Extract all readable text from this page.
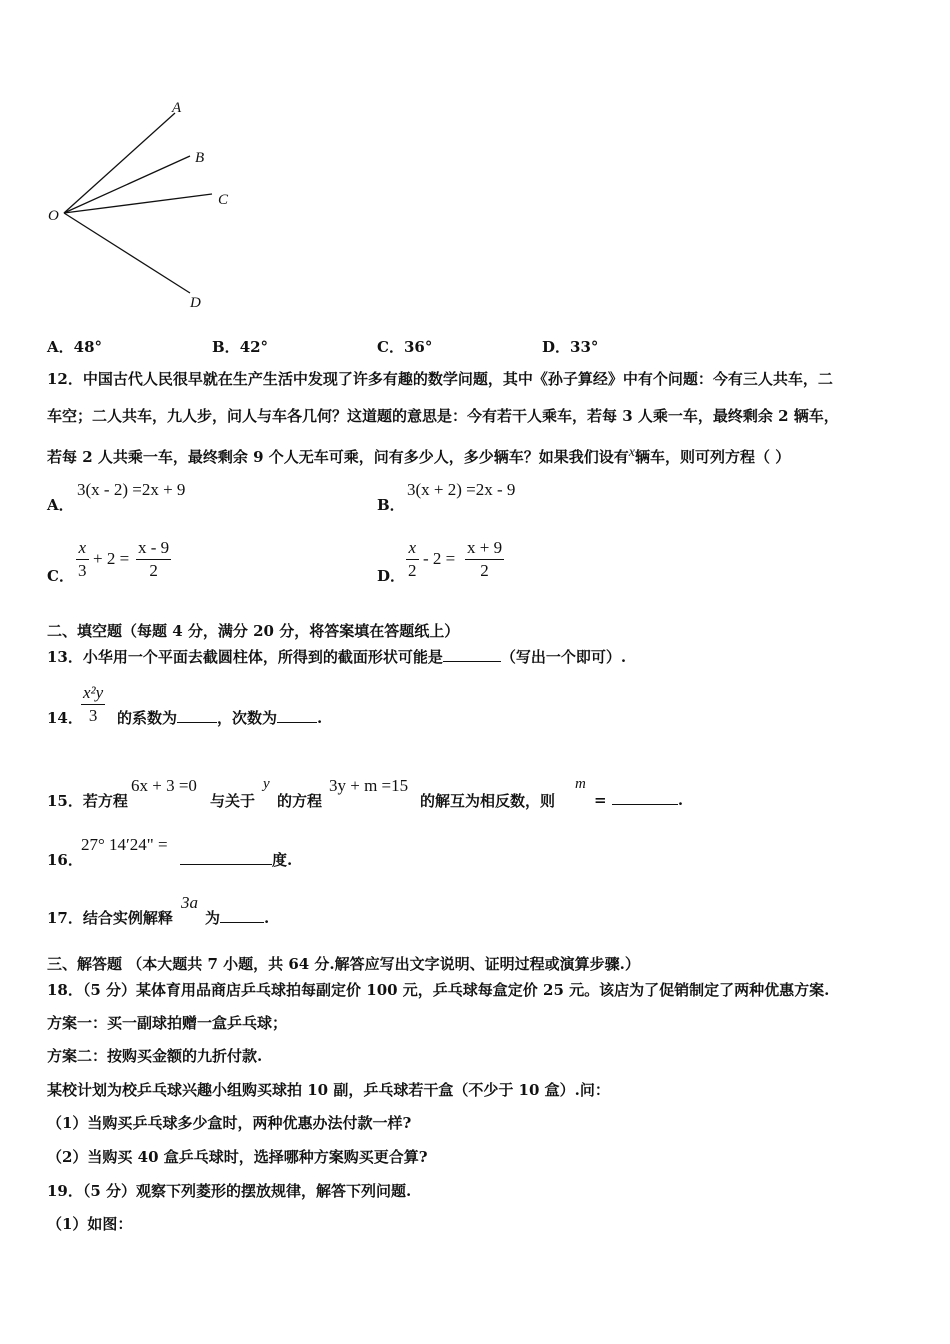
A
B
C
O
D
A．48°	B．42°	C．36°	D．33°
12．中国古代人民很早就在生产生活中发现了许多有趣的数学问题，其中《孙子算经》中有个问题：今有三人共车，二
车空；二人共车，九人步，问人与车各几何？这道题的意思是：今有若干人乘车，若每 3 人乘一车，最终剩余 2 辆车，
若每 2 人共乘一车，最终剩余 9 个人无车可乘，问有多少人，多少辆车？如果我们设有x辆车，则可列方程（ ）
A．
3(x - 2) =2x + 9
B．
3(x + 2) =2x - 9
C．
x
3
+ 2 =
x - 9
2	D．
x
2
- 2 =
x + 9
2
二、填空题（每题 4 分，满分 20 分，将答案填在答题纸上）
13．小华用一个平面去截圆柱体，所得到的截面形状可能是	（写出一个即可）.
14．
x²y
3	的系数为	，次数为	.
15．若方程
6x + 3 =0
与关于
y
的方程
3y + m =15
的解互为相反数，则
m
=	.
16．
27° 14′24" =
度.
17．结合实例解释
3a
为	.
三、解答题 （本大题共 7 小题，共 64 分.解答应写出文字说明、证明过程或演算步骤.）
18．（5 分）某体育用品商店乒乓球拍每副定价 100 元，乒乓球每盒定价 25 元。该店为了促销制定了两种优惠方案.
方案一：买一副球拍赠一盒乒乓球；
方案二：按购买金额的九折付款.
某校计划为校乒乓球兴趣小组购买球拍 10 副，乒乓球若干盒（不少于 10 盒）.问：
（1）当购买乒乓球多少盒时，两种优惠办法付款一样?
（2）当购买 40 盒乒乓球时，选择哪种方案购买更合算?
19．（5 分）观察下列菱形的摆放规律，解答下列问题.
（1）如图：
